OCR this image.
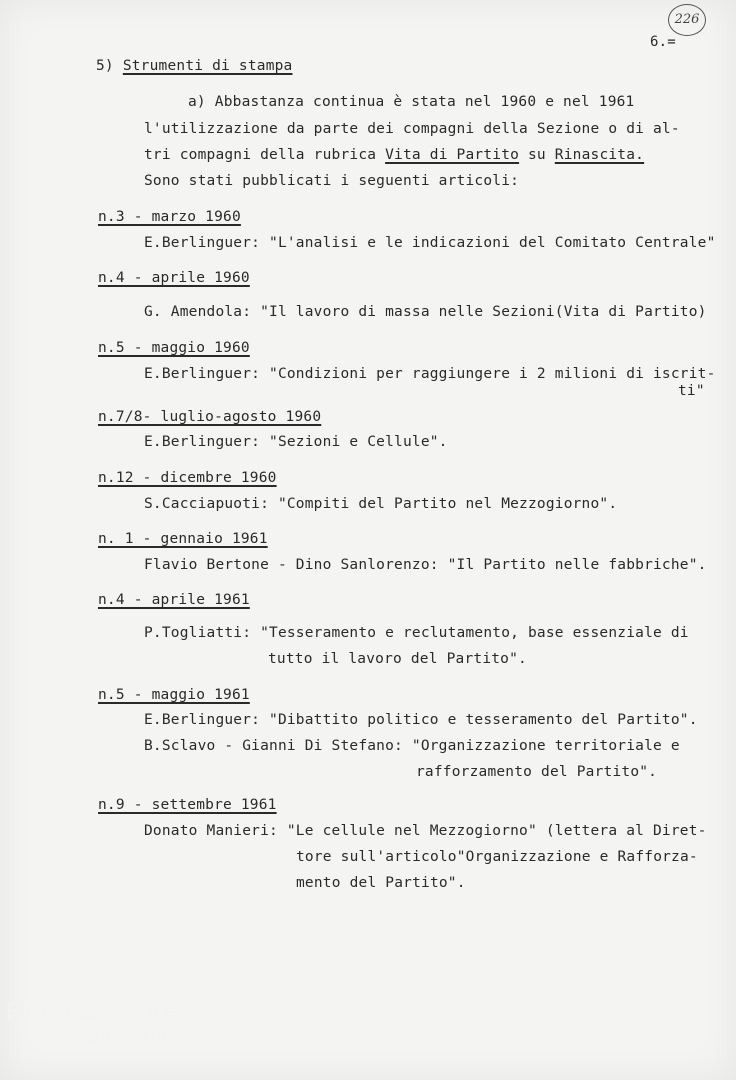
226
6.=
5) Strumenti di stampa
a) Abbastanza continua è stata nel 1960 e nel 1961
l'utilizzazione da parte dei compagni della Sezione o di al-
tri compagni della rubrica Vita di Partito su Rinascita.
Sono stati pubblicati i seguenti articoli:
n.3 - marzo 1960
E.Berlinguer: "L'analisi e le indicazioni del Comitato Centrale"
n.4 - aprile 1960
G. Amendola: "Il lavoro di massa nelle Sezioni(Vita di Partito)
n.5 - maggio 1960
E.Berlinguer: "Condizioni per raggiungere i 2 milioni di iscrit-
ti"
n.7/8- luglio-agosto 1960
E.Berlinguer: "Sezioni e Cellule".
n.12 - dicembre 1960
S.Cacciapuoti: "Compiti del Partito nel Mezzogiorno".
n. 1 - gennaio 1961
Flavio Bertone - Dino Sanlorenzo: "Il Partito nelle fabbriche".
n.4 - aprile 1961
P.Togliatti: "Tesseramento e reclutamento, base essenziale di
tutto il lavoro del Partito".
n.5 - maggio 1961
E.Berlinguer: "Dibattito politico e tesseramento del Partito".
B.Sclavo - Gianni Di Stefano: "Organizzazione territoriale e
rafforzamento del Partito".
n.9 - settembre 1961
Donato Manieri: "Le cellule nel Mezzogiorno" (lettera al Diret-
tore sull'articolo"Organizzazione e Rafforza-
mento del Partito".
FONDAZIONE
GRAMSCI
